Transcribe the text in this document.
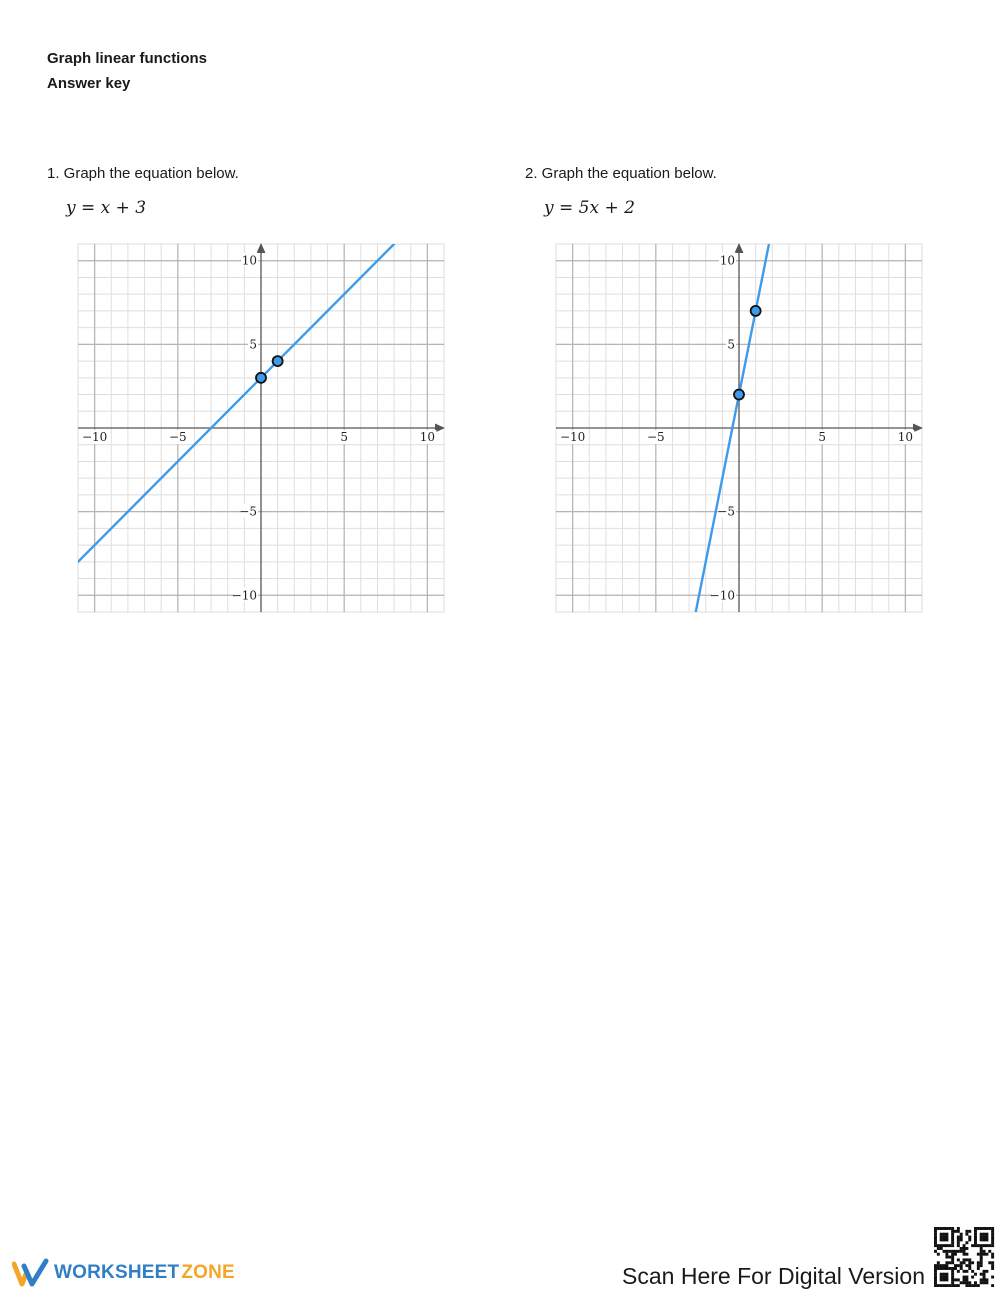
Graph linear functions
Answer key
1. Graph the equation below.
y = x + 3
−10	−5	5	10
10
5
−5
−10
2. Graph the equation below.
y = 5x + 2
−10	−5	5	10
10
5
−5
−10
WORKSHEET ZONE	Scan Here For Digital Version
